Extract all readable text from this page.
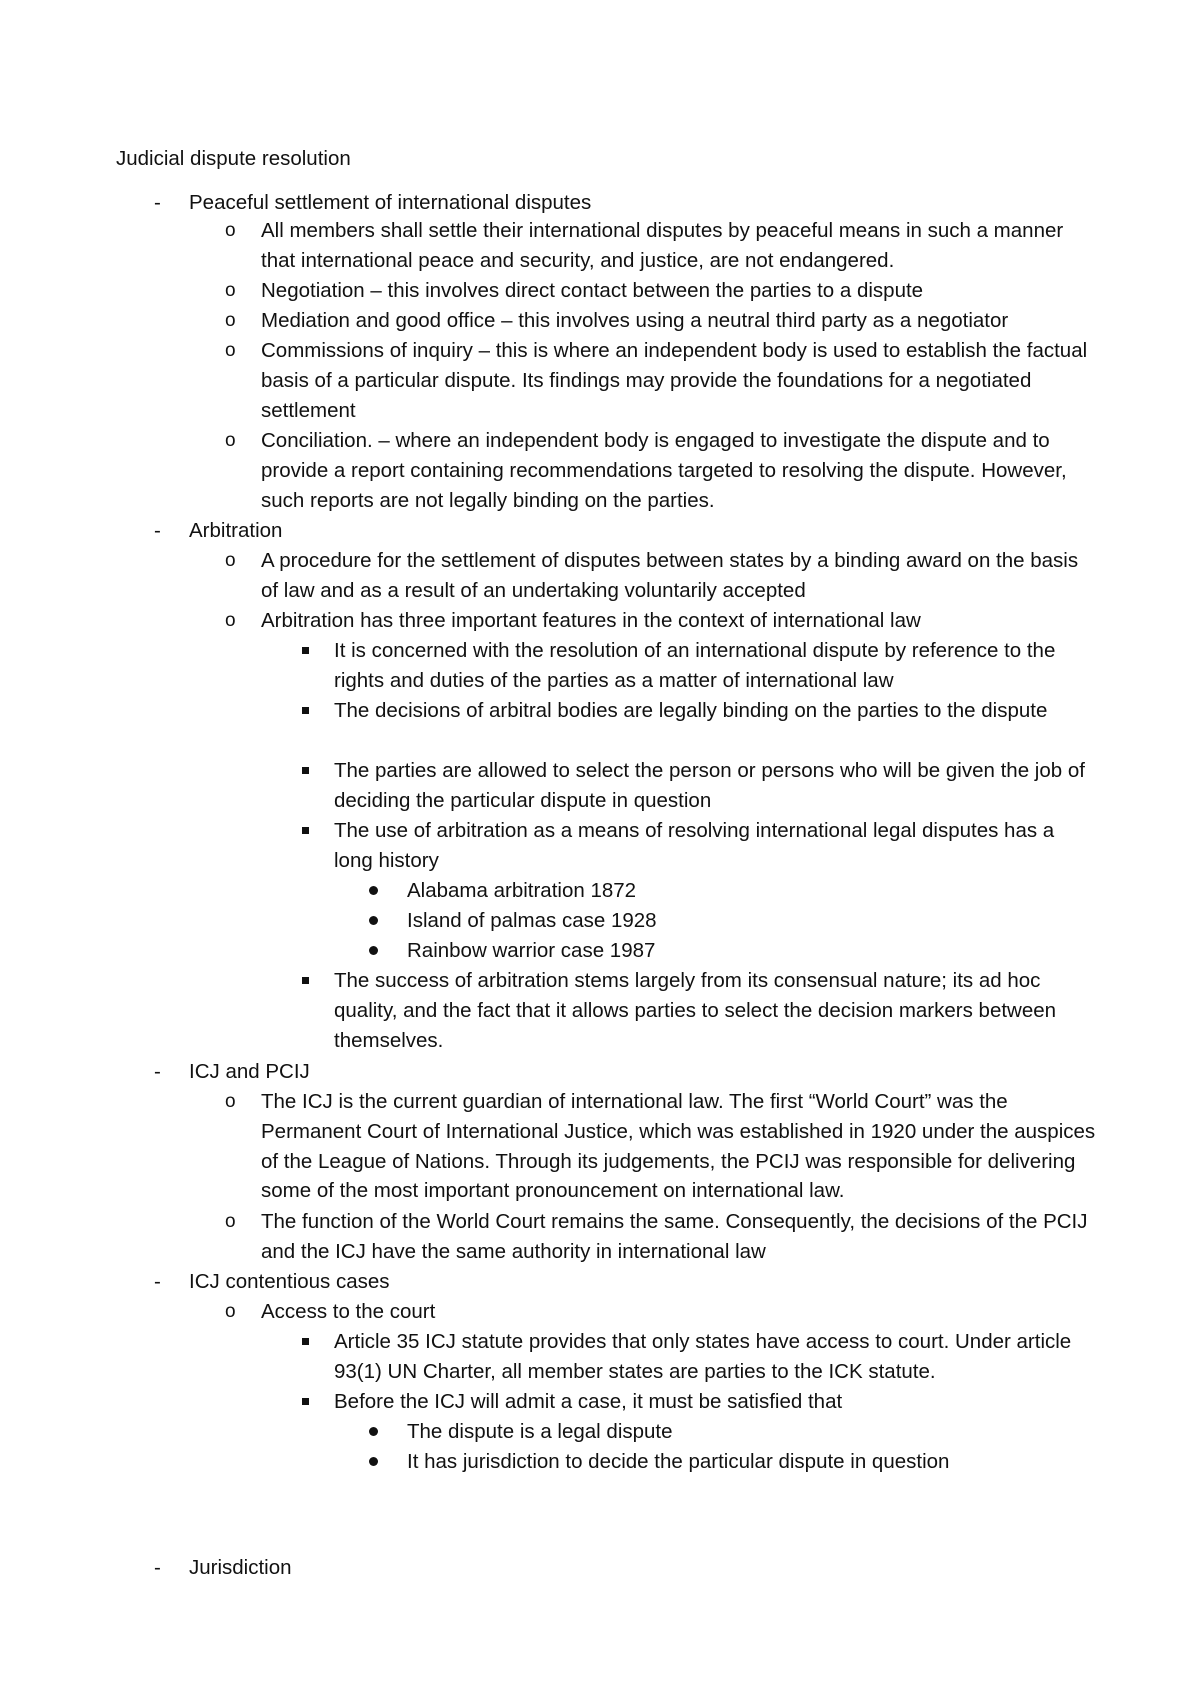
Judicial dispute resolution
- Peaceful settlement of international disputes
o All members shall settle their international disputes by peaceful means in such a manner that international peace and security, and justice, are not endangered.
o Negotiation – this involves direct contact between the parties to a dispute
o Mediation and good office – this involves using a neutral third party as a negotiator
o Commissions of inquiry – this is where an independent body is used to establish the factual basis of a particular dispute. Its findings may provide the foundations for a negotiated settlement
o Conciliation. – where an independent body is engaged to investigate the dispute and to provide a report containing recommendations targeted to resolving the dispute. However, such reports are not legally binding on the parties.
- Arbitration
o A procedure for the settlement of disputes between states by a binding award on the basis of law and as a result of an undertaking voluntarily accepted
o Arbitration has three important features in the context of international law
It is concerned with the resolution of an international dispute by reference to the rights and duties of the parties as a matter of international law
The decisions of arbitral bodies are legally binding on the parties to the dispute
The parties are allowed to select the person or persons who will be given the job of deciding the particular dispute in question
The use of arbitration as a means of resolving international legal disputes has a long history
Alabama arbitration 1872
Island of palmas case 1928
Rainbow warrior case 1987
The success of arbitration stems largely from its consensual nature; its ad hoc quality, and the fact that it allows parties to select the decision markers between themselves.
- ICJ and PCIJ
o The ICJ is the current guardian of international law. The first “World Court” was the Permanent Court of International Justice, which was established in 1920 under the auspices of the League of Nations. Through its judgements, the PCIJ was responsible for delivering some of the most important pronouncement on international law.
o The function of the World Court remains the same. Consequently, the decisions of the PCIJ and the ICJ have the same authority in international law
- ICJ contentious cases
o Access to the court
Article 35 ICJ statute provides that only states have access to court. Under article 93(1) UN Charter, all member states are parties to the ICK statute.
Before the ICJ will admit a case, it must be satisfied that
The dispute is a legal dispute
It has jurisdiction to decide the particular dispute in question
- Jurisdiction
